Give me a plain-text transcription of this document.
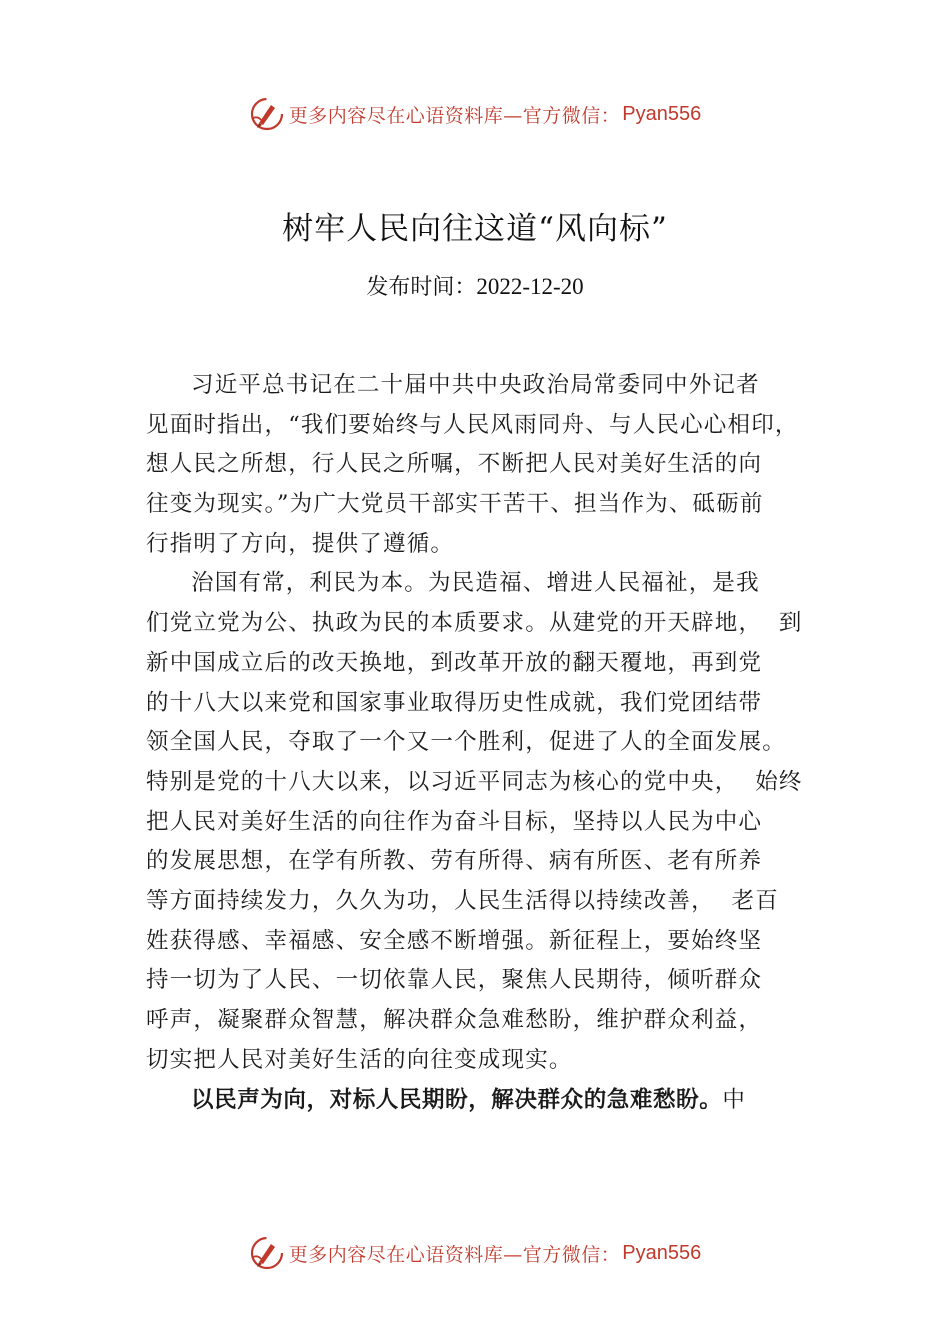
更多内容尽在心语资料库—官方微信： Pyan556
树牢人民向往这道“风向标”
发布时间：2022-12-20
习近平总书记在二十届中共中央政治局常委同中外记者
见面时指出，“我们要始终与人民风雨同舟、与人民心心相印，
想人民之所想，行人民之所嘱，不断把人民对美好生活的向
往变为现实。”为广大党员干部实干苦干、担当作为、砥砺前
行指明了方向，提供了遵循。
治国有常，利民为本。为民造福、增进人民福祉，是我
们党立党为公、执政为民的本质要求。从建党的开天辟地，  到
新中国成立后的改天换地，到改革开放的翻天覆地，再到党
的十八大以来党和国家事业取得历史性成就，我们党团结带
领全国人民，夺取了一个又一个胜利，促进了人的全面发展。
特别是党的十八大以来，以习近平同志为核心的党中央，  始终
把人民对美好生活的向往作为奋斗目标，坚持以人民为中心
的发展思想，在学有所教、劳有所得、病有所医、老有所养
等方面持续发力，久久为功，人民生活得以持续改善，  老百
姓获得感、幸福感、安全感不断增强。新征程上，要始终坚
持一切为了人民、一切依靠人民，聚焦人民期待，倾听群众
呼声，凝聚群众智慧，解决群众急难愁盼，维护群众利益，
切实把人民对美好生活的向往变成现实。
以民声为向，对标人民期盼，解决群众的急难愁盼。中
更多内容尽在心语资料库—官方微信： Pyan556
